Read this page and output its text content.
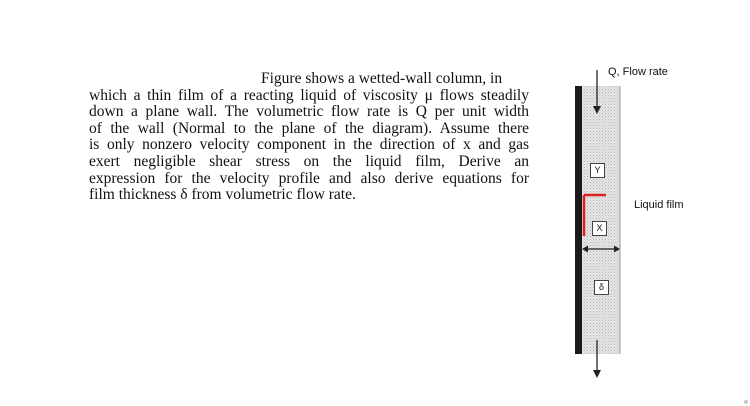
Figure shows a wetted-wall column, in
which a thin film of a reacting liquid of viscosity μ flows steadily
down a plane wall. The volumetric flow rate is Q per unit width
of the wall (Normal to the plane of the diagram). Assume there
is only nonzero velocity component in the direction of x and gas
exert negligible shear stress on the liquid film, Derive an
expression for the velocity profile and also derive equations for
film thickness δ from volumetric flow rate.
Q, Flow rate
Liquid film
Y
X
δ
